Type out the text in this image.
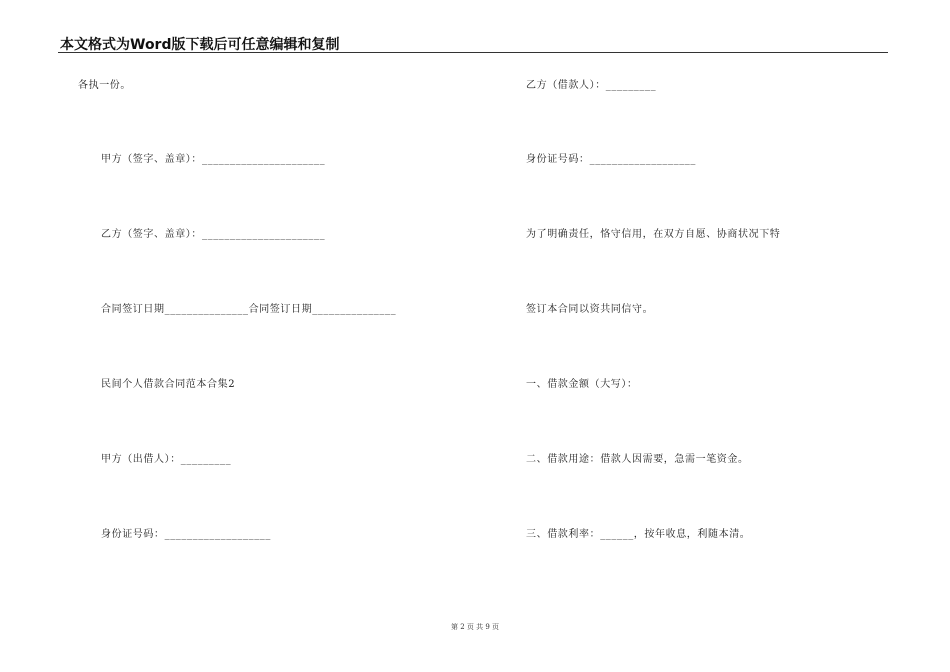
本文格式为Word版下载后可任意编辑和复制
各执一份。
甲方（签字、盖章）：______________________
乙方（签字、盖章）：______________________
合同签订日期_______________合同签订日期_______________
民间个人借款合同范本合集2
甲方（出借人）：_________
身份证号码：___________________
乙方（借款人）：_________
身份证号码：___________________
为了明确责任，恪守信用，在双方自愿、协商状况下特
签订本合同以资共同信守。
一、借款金额（大写）：
二、借款用途：借款人因需要，急需一笔资金。
三、借款利率：______，按年收息，利随本清。
第 2 页 共 9 页
